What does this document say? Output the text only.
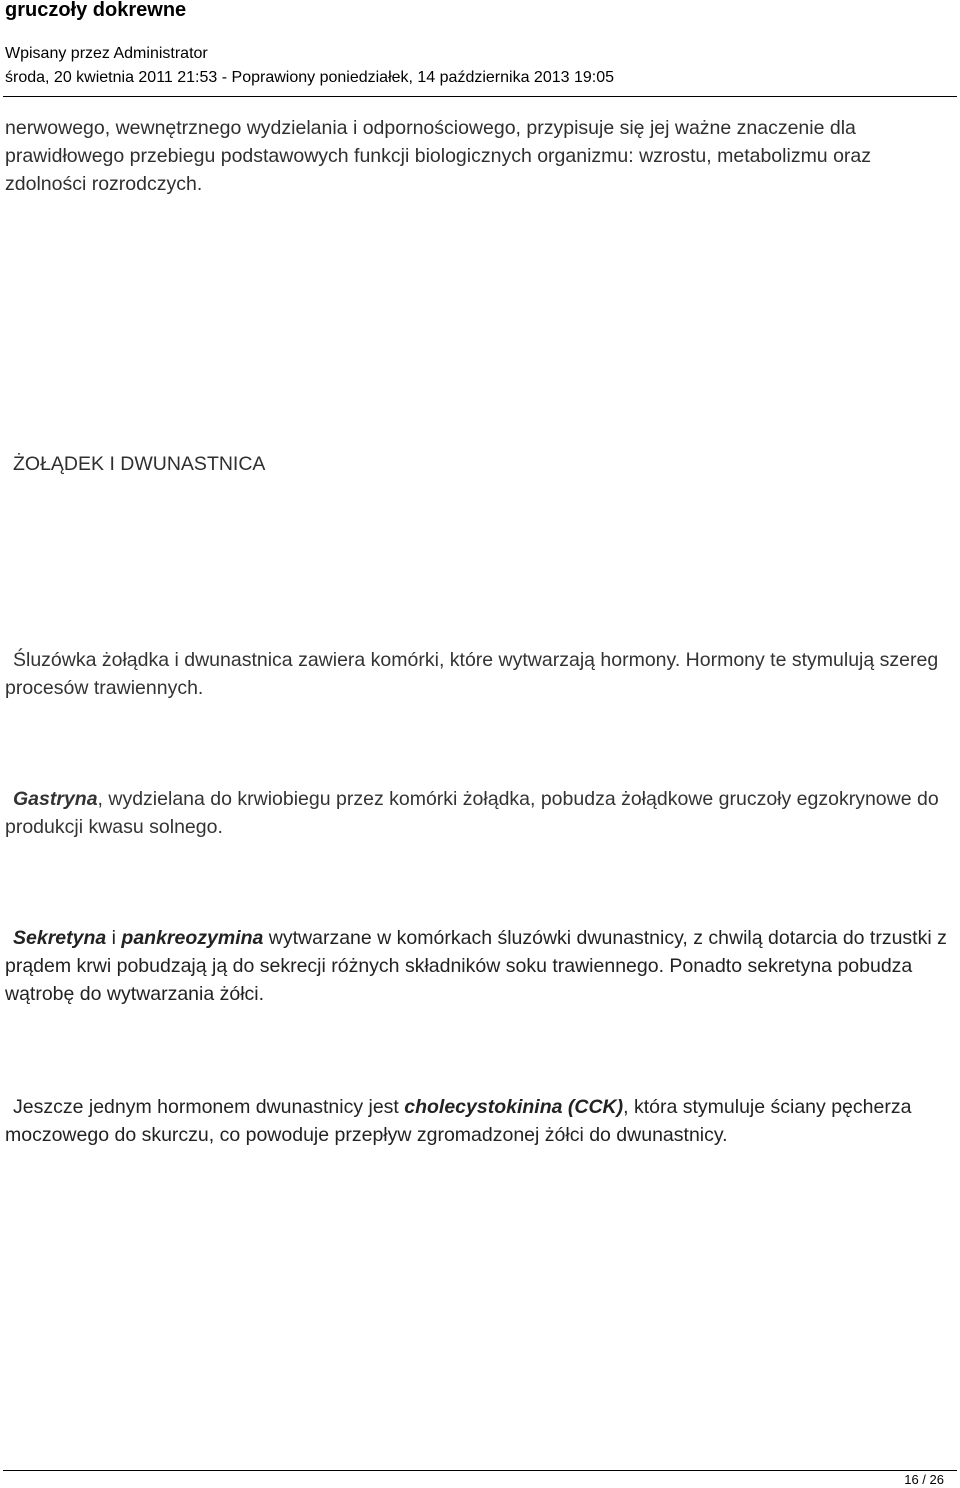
gruczoły dokrewne
Wpisany przez Administrator
środa, 20 kwietnia 2011 21:53 - Poprawiony poniedziałek, 14 października 2013 19:05

nerwowego, wewnętrznego wydzielania i odpornościowego, przypisuje się jej ważne znaczenie dla prawidłowego przebiegu podstawowych funkcji biologicznych organizmu: wzrostu, metabolizmu oraz zdolności rozrodczych.

ŻOŁĄDEK I DWUNASTNICA

Śluzówka żołądka i dwunastnica zawiera komórki, które wytwarzają hormony. Hormony te stymulują szereg procesów trawiennych.

Gastryna, wydzielana do krwiobiegu przez komórki żołądka, pobudza żołądkowe gruczoły egzokrynowe do produkcji kwasu solnego.

Sekretyna i pankreozymina wytwarzane w komórkach śluzówki dwunastnicy, z chwilą dotarcia do trzustki z prądem krwi pobudzają ją do sekrecji różnych składników soku trawiennego. Ponadto sekretyna pobudza wątrobę do wytwarzania żółci.

Jeszcze jednym hormonem dwunastnicy jest cholecystokinina (CCK), która stymuluje ściany pęcherza moczowego do skurczu, co powoduje przepływ zgromadzonej żółci do dwunastnicy.

16 / 26
